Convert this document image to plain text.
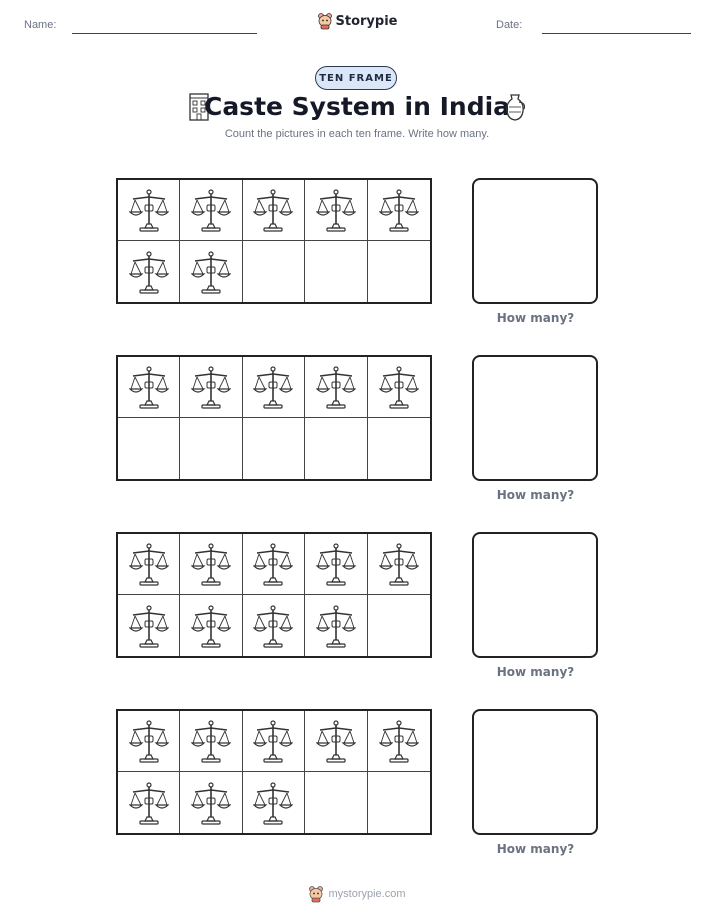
Name:	Date:
Storypie
TEN FRAME
Caste System in India
Count the pictures in each ten frame. Write how many.
How many?
How many?
How many?
How many?
mystorypie.com
